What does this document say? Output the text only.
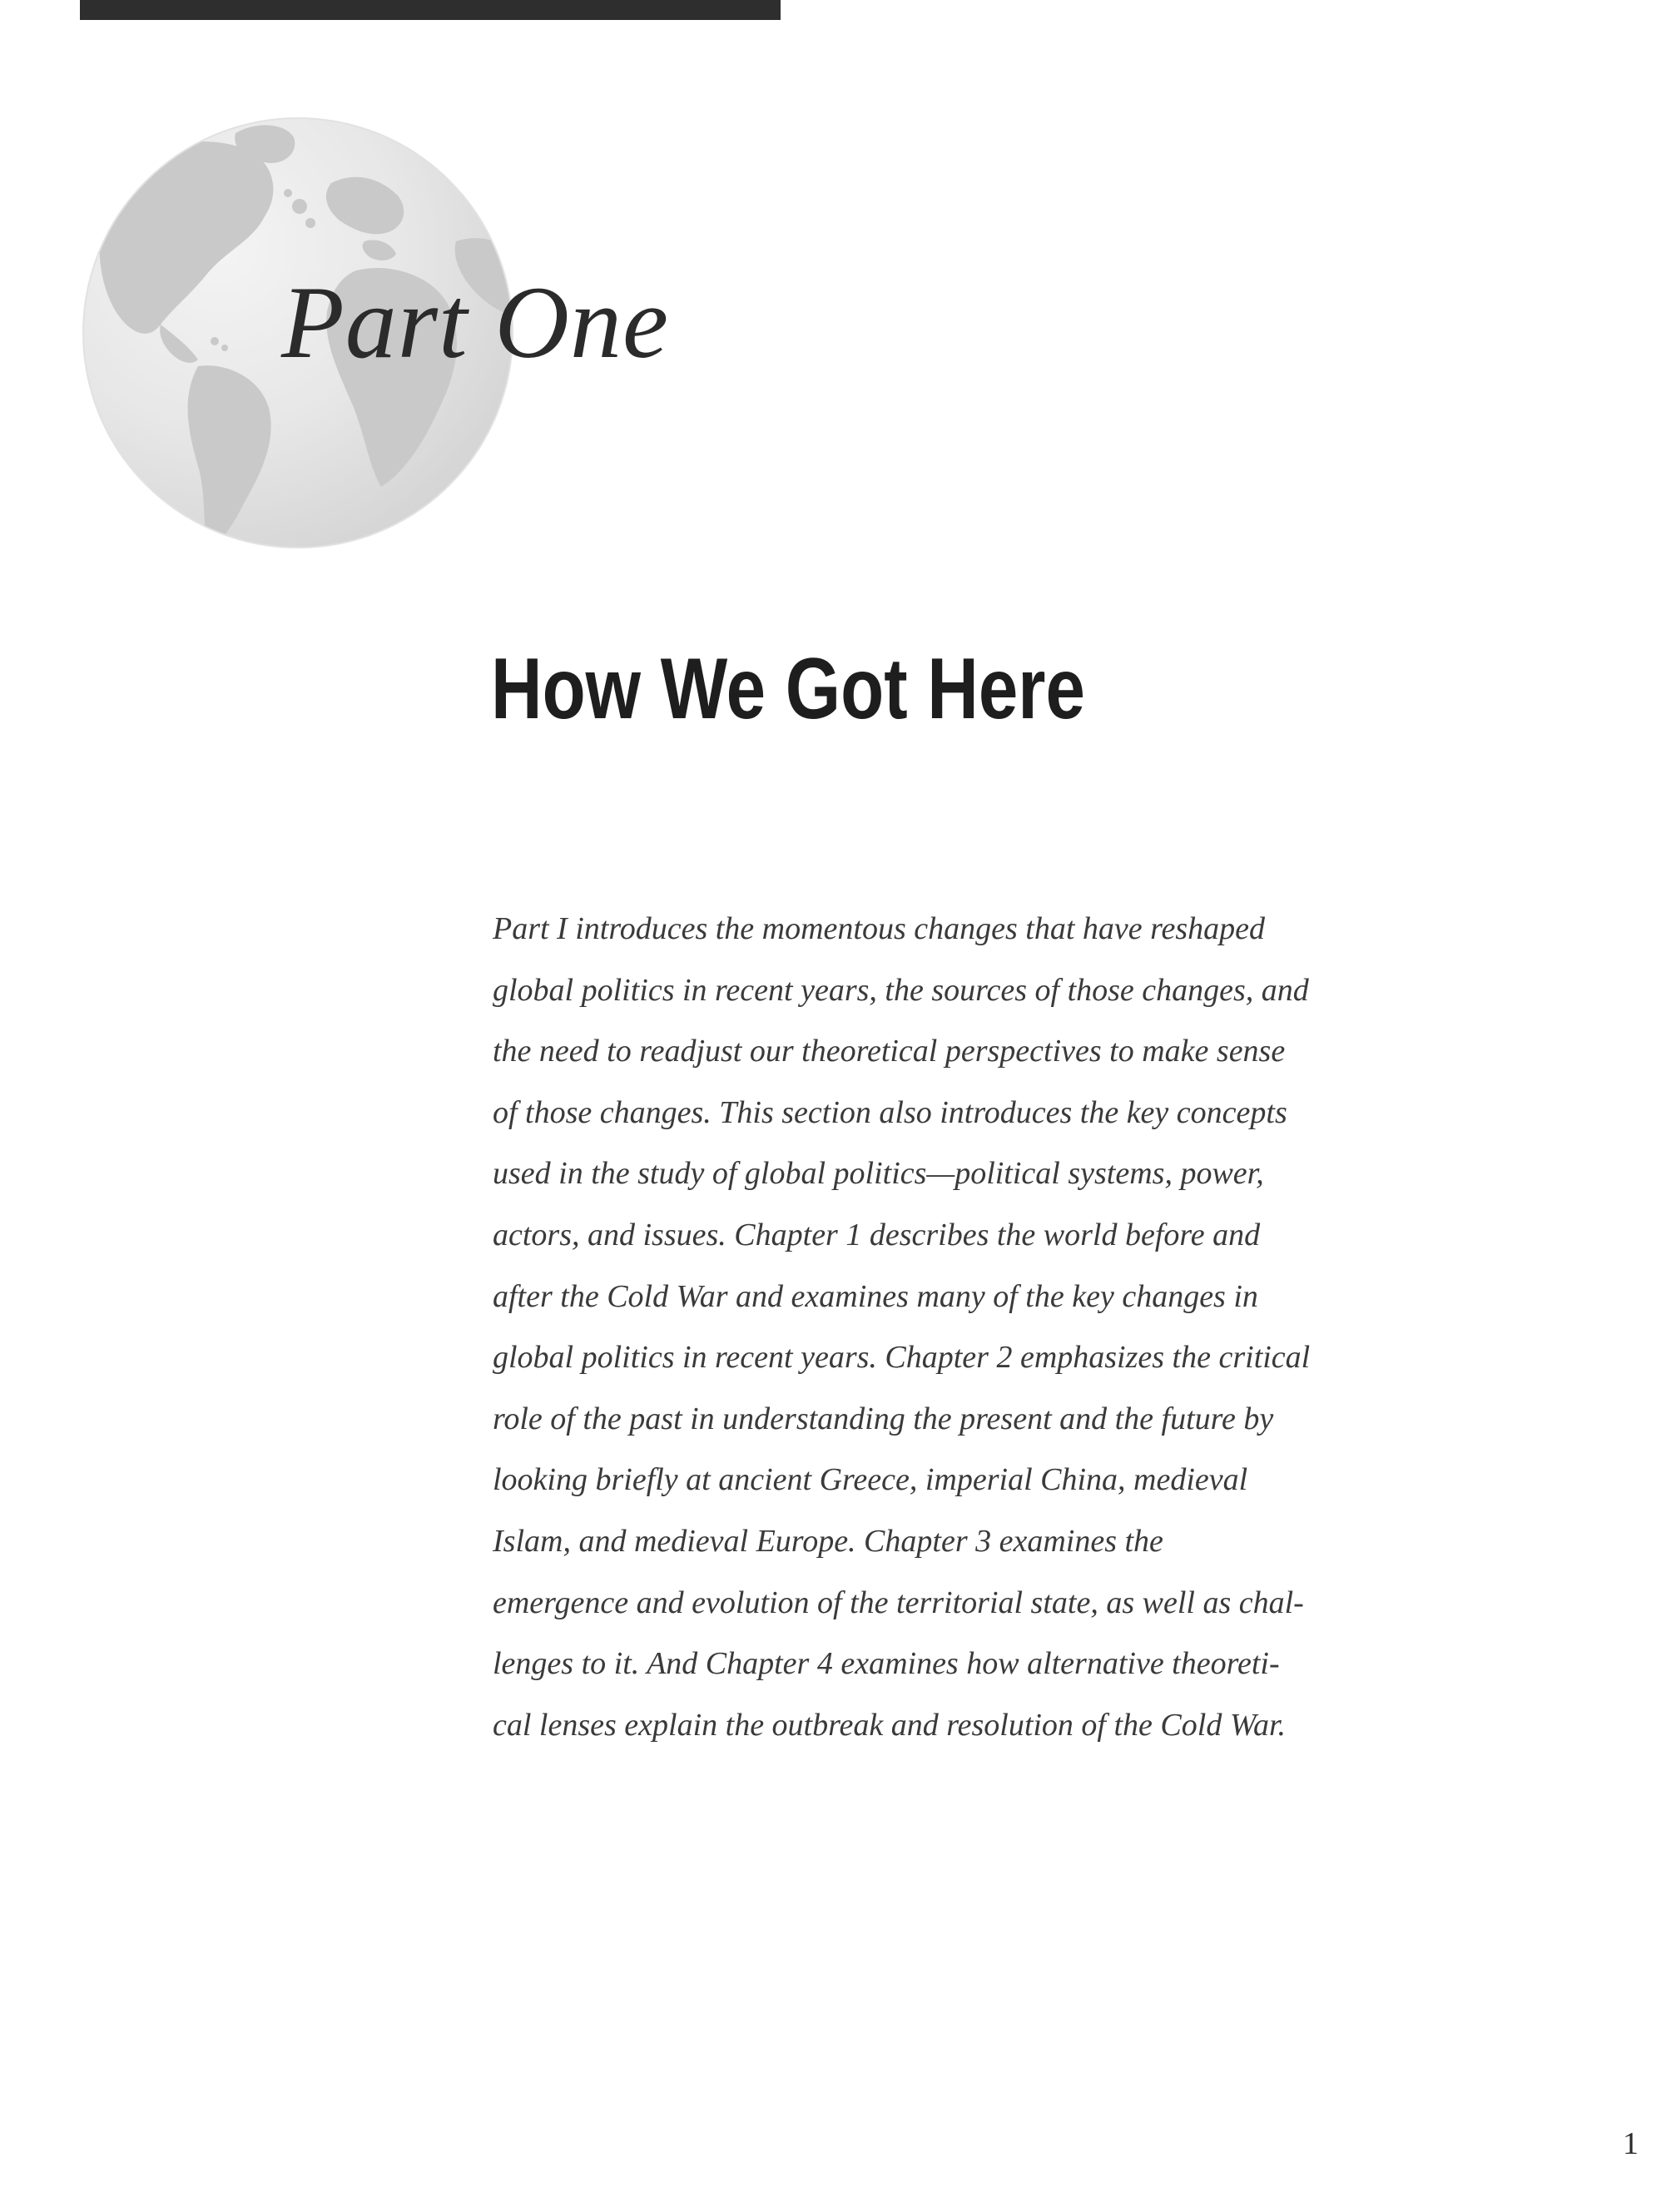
Part One
How We Got Here
Part I introduces the momentous changes that have reshaped
global politics in recent years, the sources of those changes, and
the need to readjust our theoretical perspectives to make sense
of those changes. This section also introduces the key concepts
used in the study of global politics—political systems, power,
actors, and issues. Chapter 1 describes the world before and
after the Cold War and examines many of the key changes in
global politics in recent years. Chapter 2 emphasizes the critical
role of the past in understanding the present and the future by
looking briefly at ancient Greece, imperial China, medieval
Islam, and medieval Europe. Chapter 3 examines the
emergence and evolution of the territorial state, as well as chal-
lenges to it. And Chapter 4 examines how alternative theoreti-
cal lenses explain the outbreak and resolution of the Cold War.
1
